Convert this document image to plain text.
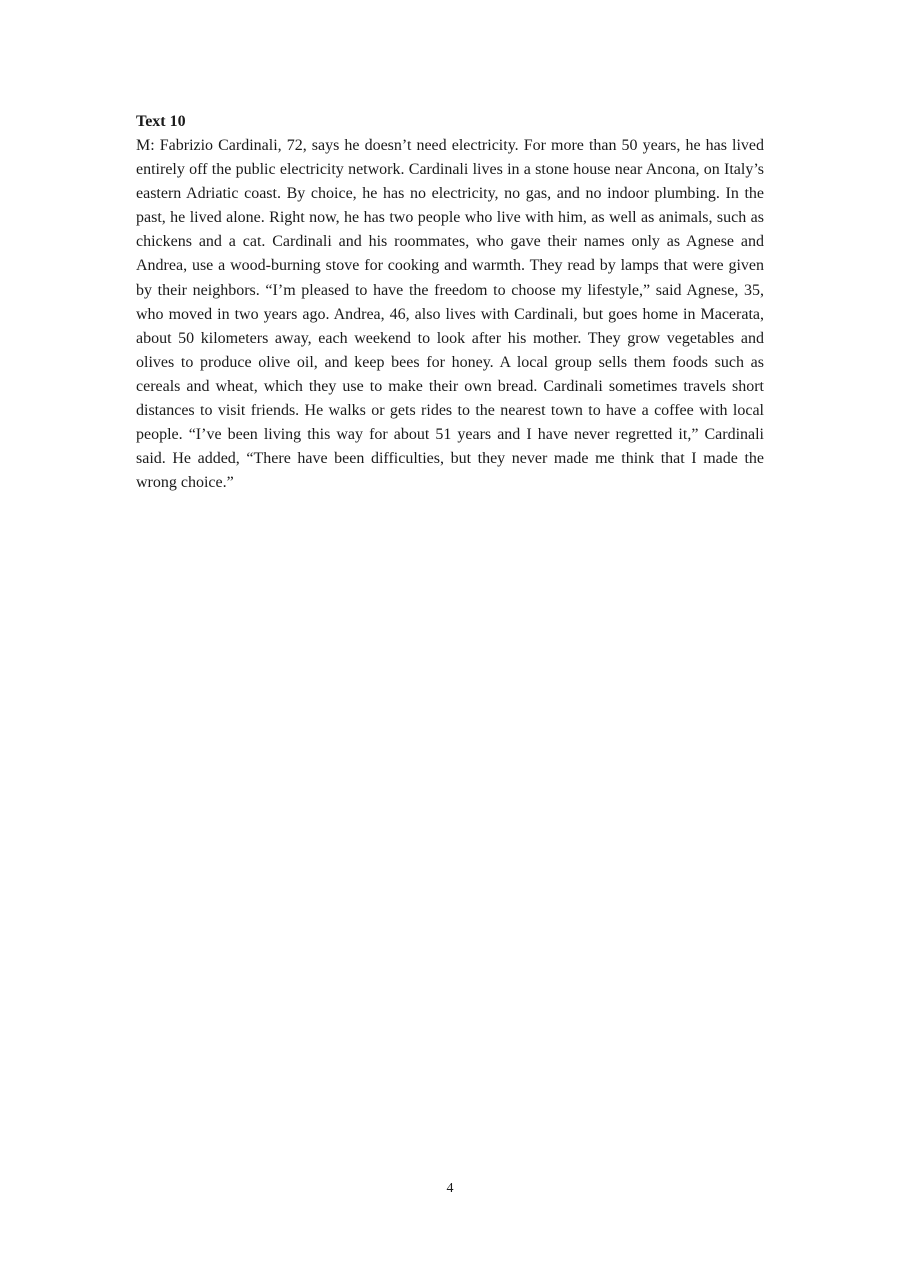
Text 10

M: Fabrizio Cardinali, 72, says he doesn’t need electricity. For more than 50 years, he has lived entirely off the public electricity network. Cardinali lives in a stone house near Ancona, on Italy’s eastern Adriatic coast. By choice, he has no electricity, no gas, and no indoor plumbing. In the past, he lived alone. Right now, he has two people who live with him, as well as animals, such as chickens and a cat. Cardinali and his roommates, who gave their names only as Agnese and Andrea, use a wood-burning stove for cooking and warmth. They read by lamps that were given by their neighbors. “I’m pleased to have the freedom to choose my lifestyle,” said Agnese, 35, who moved in two years ago. Andrea, 46, also lives with Cardinali, but goes home in Macerata, about 50 kilometers away, each weekend to look after his mother. They grow vegetables and olives to produce olive oil, and keep bees for honey. A local group sells them foods such as cereals and wheat, which they use to make their own bread. Cardinali sometimes travels short distances to visit friends. He walks or gets rides to the nearest town to have a coffee with local people. “I’ve been living this way for about 51 years and I have never regretted it,” Cardinali said. He added, “There have been difficulties, but they never made me think that I made the wrong choice.”

4
